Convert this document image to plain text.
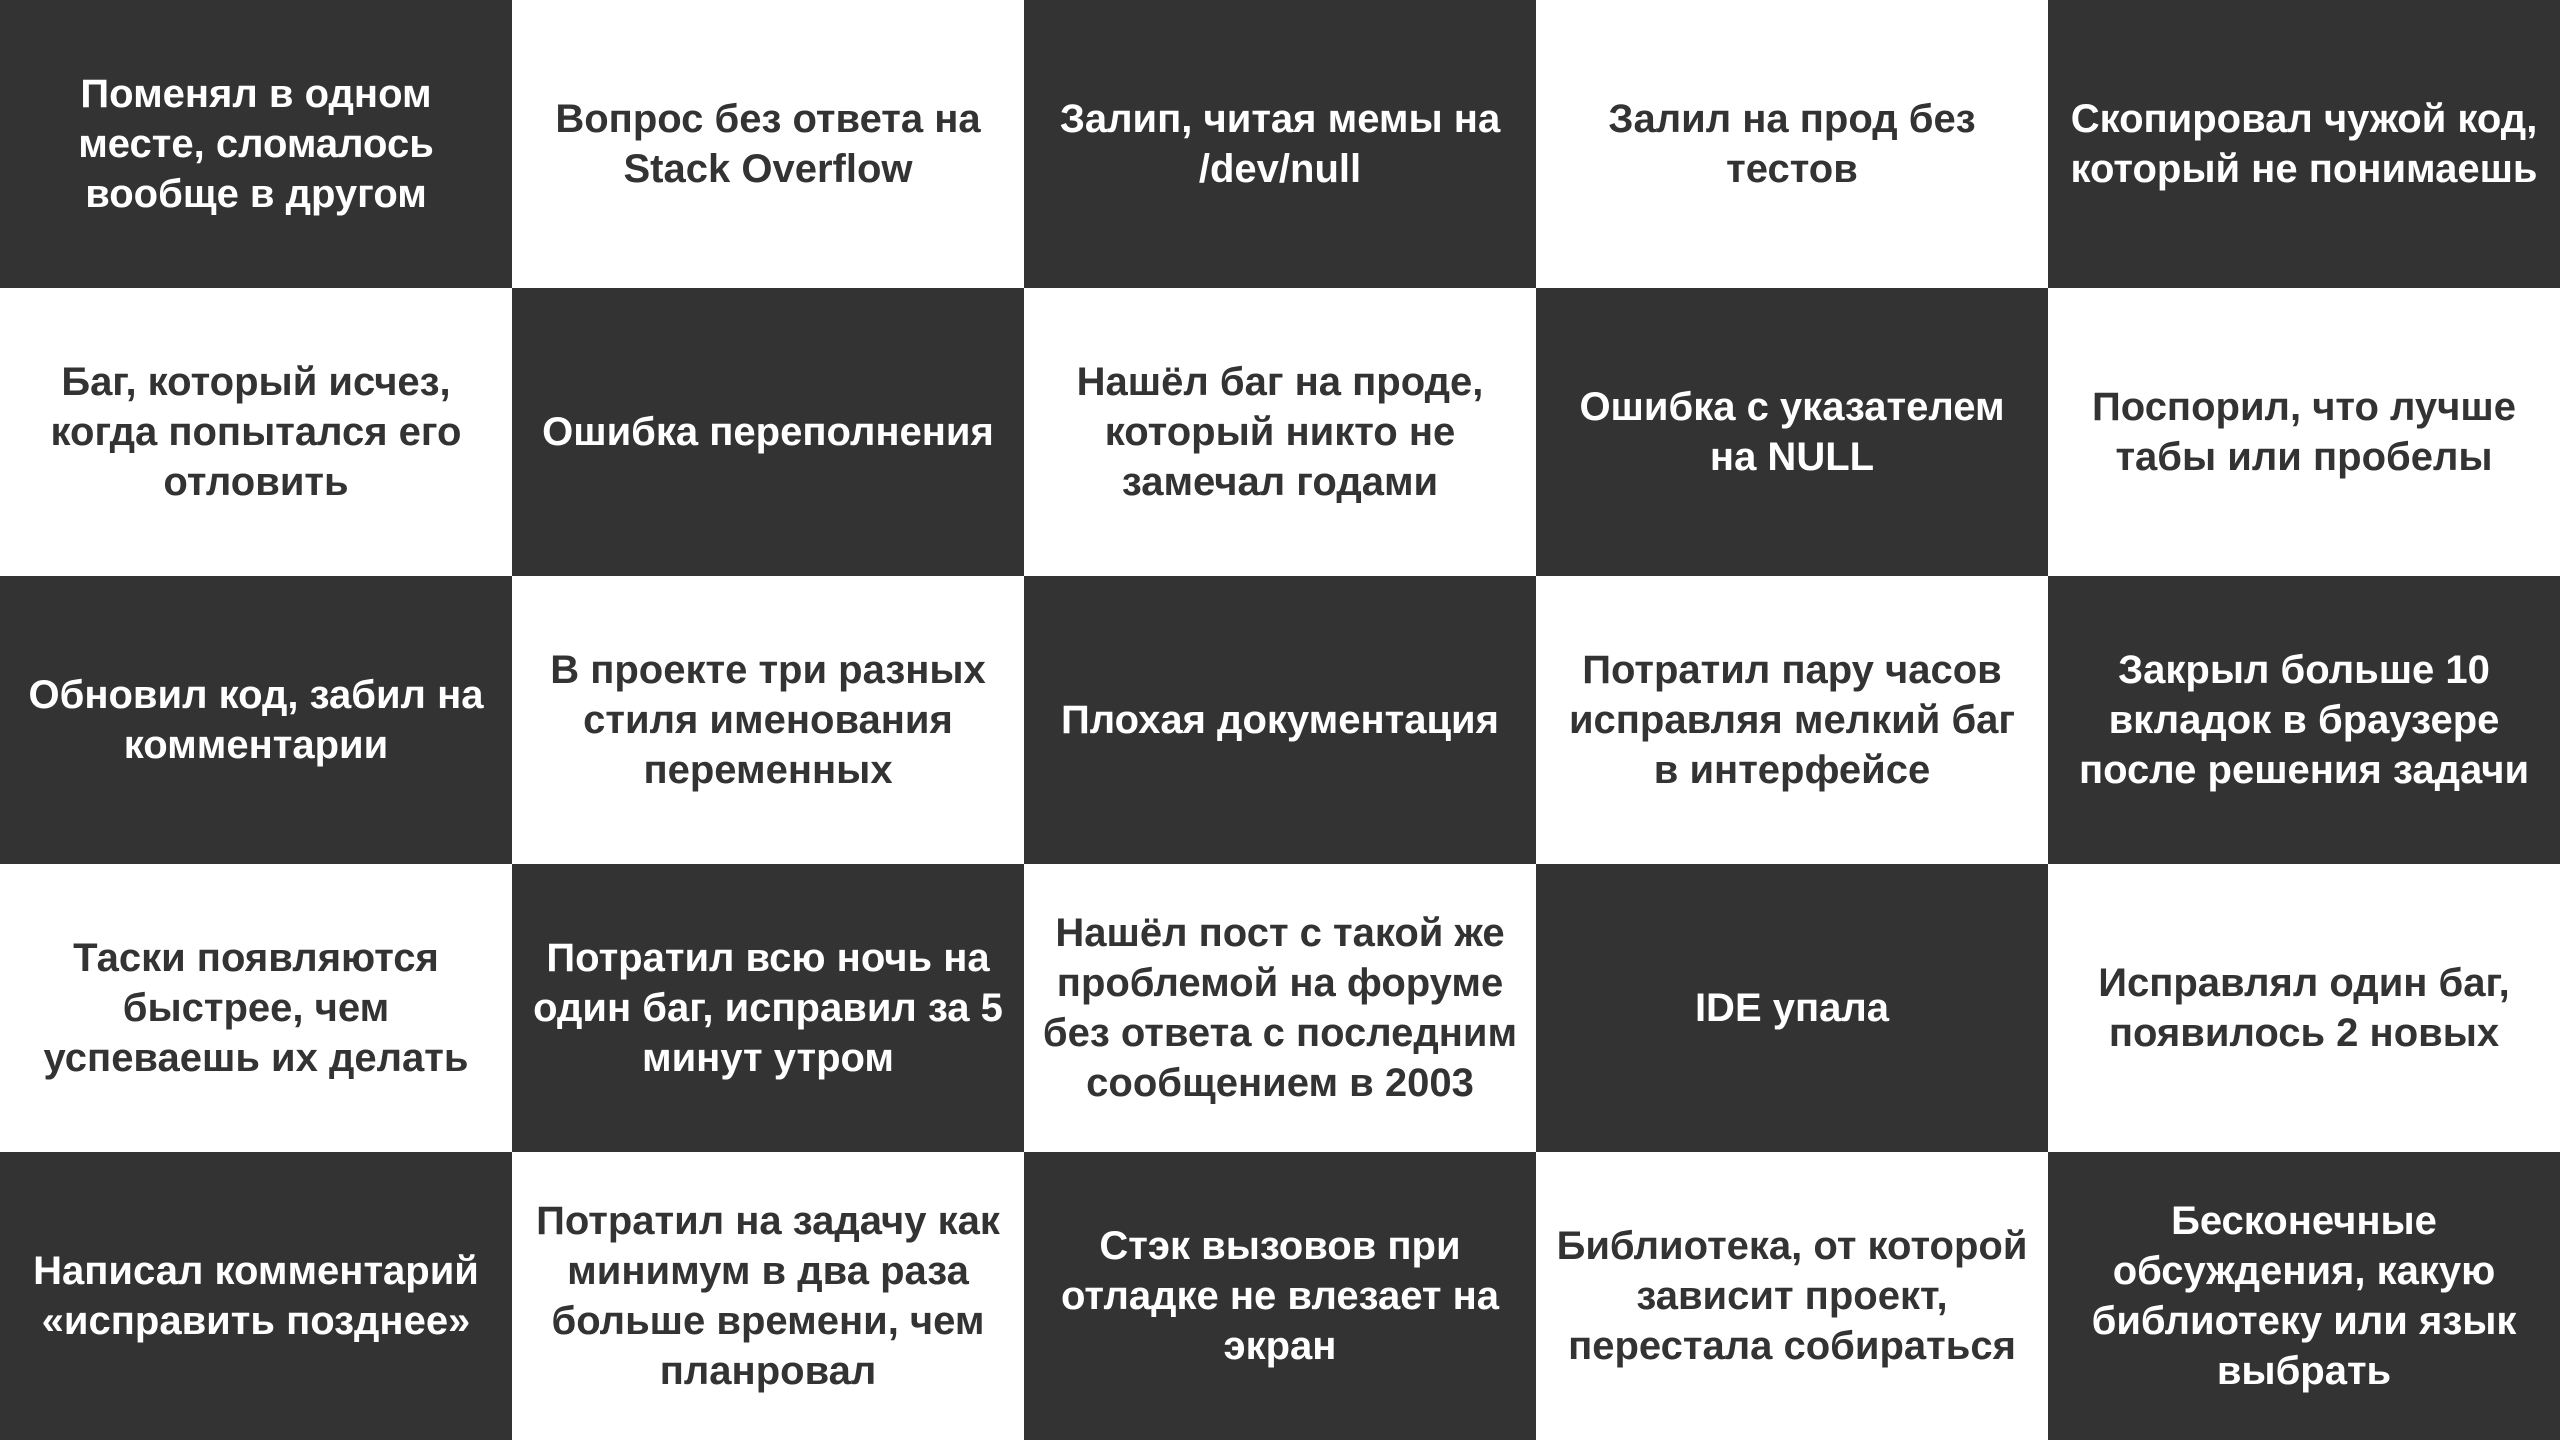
Поменял в одном месте, сломалось вообще в другом
Вопрос без ответа на Stack Overflow
Залип, читая мемы на /dev/null
Залил на прод без тестов
Скопировал чужой код, который не понимаешь
Баг, который исчез, когда попытался его отловить
Ошибка переполнения
Нашёл баг на проде, который никто не замечал годами
Ошибка с указателем на NULL
Поспорил, что лучше табы или пробелы
Обновил код, забил на комментарии
В проекте три разных стиля именования переменных
Плохая документация
Потратил пару часов исправляя мелкий баг в интерфейсе
Закрыл больше 10 вкладок в браузере после решения задачи
Таски появляются быстрее, чем успеваешь их делать
Потратил всю ночь на один баг, исправил за 5 минут утром
Нашёл пост с такой же проблемой на форуме без ответа с последним сообщением в 2003
IDE упала
Исправлял один баг, появилось 2 новых
Написал комментарий «исправить позднее»
Потратил на задачу как минимум в два раза больше времени, чем планровал
Стэк вызовов при отладке не влезает на экран
Библиотека, от которой зависит проект, перестала собираться
Бесконечные обсуждения, какую библиотеку или язык выбрать
